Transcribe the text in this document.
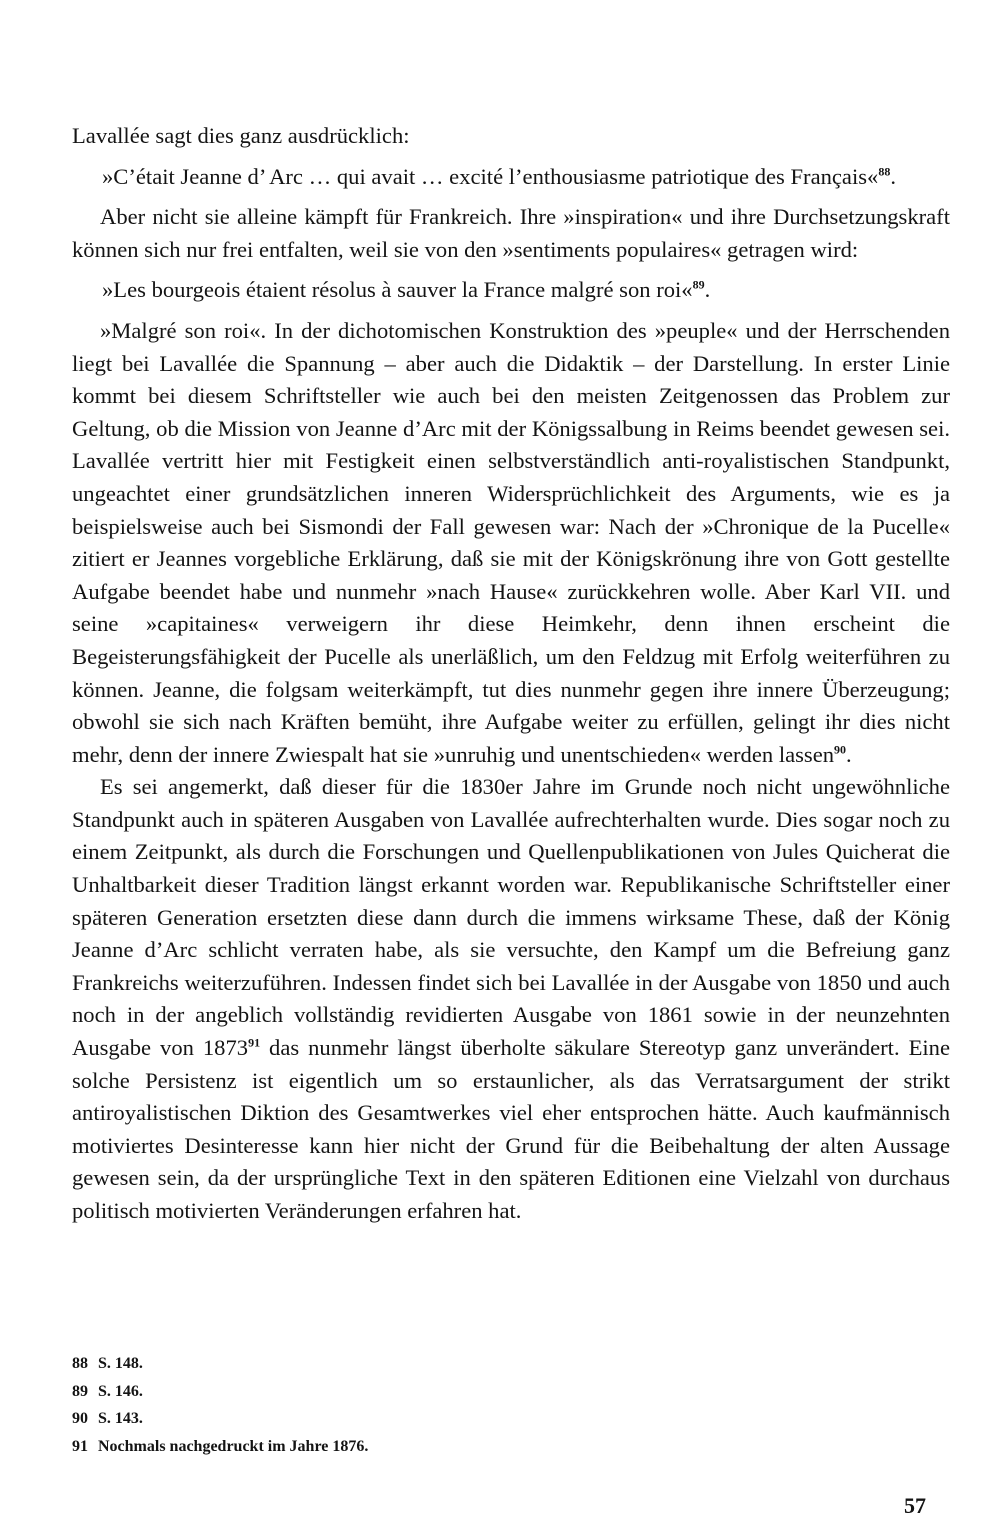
Lavallée sagt dies ganz ausdrücklich:

»C’était Jeanne d’ Arc … qui avait … excité l’enthousiasme patriotique des Français«$^{88}$.

Aber nicht sie alleine kämpft für Frankreich. Ihre »inspiration« und ihre Durchsetzungskraft können sich nur frei entfalten, weil sie von den »sentiments populaires« getragen wird:

»Les bourgeois étaient résolus à sauver la France malgré son roi«$^{89}$.

»Malgré son roi«. In der dichotomischen Konstruktion des »peuple« und der Herrschenden liegt bei Lavallée die Spannung – aber auch die Didaktik – der Darstellung. In erster Linie kommt bei diesem Schriftsteller wie auch bei den meisten Zeitgenossen das Problem zur Geltung, ob die Mission von Jeanne d’Arc mit der Königssalbung in Reims beendet gewesen sei. Lavallée vertritt hier mit Festigkeit einen selbstverständlich anti-royalistischen Standpunkt, ungeachtet einer grundsätzlichen inneren Widersprüchlichkeit des Arguments, wie es ja beispielsweise auch bei Sismondi der Fall gewesen war: Nach der »Chronique de la Pucelle« zitiert er Jeannes vorgebliche Erklärung, daß sie mit der Königskrönung ihre von Gott gestellte Aufgabe beendet habe und nunmehr »nach Hause« zurückkehren wolle. Aber Karl VII. und seine »capitaines« verweigern ihr diese Heimkehr, denn ihnen erscheint die Begeisterungsfähigkeit der Pucelle als unerläßlich, um den Feldzug mit Erfolg weiterführen zu können. Jeanne, die folgsam weiterkämpft, tut dies nunmehr gegen ihre innere Überzeugung; obwohl sie sich nach Kräften bemüht, ihre Aufgabe weiter zu erfüllen, gelingt ihr dies nicht mehr, denn der innere Zwiespalt hat sie »unruhig und unentschieden« werden lassen$^{90}$.

Es sei angemerkt, daß dieser für die 1830er Jahre im Grunde noch nicht ungewöhnliche Standpunkt auch in späteren Ausgaben von Lavallée aufrechterhalten wurde. Dies sogar noch zu einem Zeitpunkt, als durch die Forschungen und Quellenpublikationen von Jules Quicherat die Unhaltbarkeit dieser Tradition längst erkannt worden war. Republikanische Schriftsteller einer späteren Generation ersetzten diese dann durch die immens wirksame These, daß der König Jeanne d’Arc schlicht verraten habe, als sie versuchte, den Kampf um die Befreiung ganz Frankreichs weiterzuführen. Indessen findet sich bei Lavallée in der Ausgabe von 1850 und auch noch in der angeblich vollständig revidierten Ausgabe von 1861 sowie in der neunzehnten Ausgabe von 1873$^{91}$ das nunmehr längst überholte säkulare Stereotyp ganz unverändert. Eine solche Persistenz ist eigentlich um so erstaunlicher, als das Verratsargument der strikt antiroyalistischen Diktion des Gesamtwerkes viel eher entsprochen hätte. Auch kaufmännisch motiviertes Desinteresse kann hier nicht der Grund für die Beibehaltung der alten Aussage gewesen sein, da der ursprüngliche Text in den späteren Editionen eine Vielzahl von durchaus politisch motivierten Veränderungen erfahren hat.

88 S. 148.
89 S. 146.
90 S. 143.
91 Nochmals nachgedruckt im Jahre 1876.
57
